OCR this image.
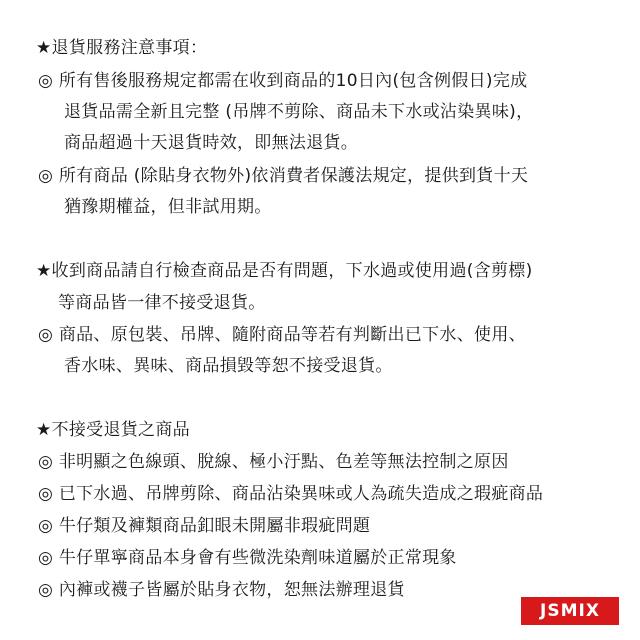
★退貨服務注意事項：
◎ 所有售後服務規定都需在收到商品的10日內(包含例假日)完成
退貨品需全新且完整 (吊牌不剪除、商品未下水或沾染異味)，
商品超過十天退貨時效，即無法退貨。
◎ 所有商品 (除貼身衣物外)依消費者保護法規定，提供到貨十天
猶豫期權益，但非試用期。
★收到商品請自行檢查商品是否有問題，下水過或使用過(含剪標)
等商品皆一律不接受退貨。
◎ 商品、原包裝、吊牌、隨附商品等若有判斷出已下水、使用、
香水味、異味、商品損毀等恕不接受退貨。
★不接受退貨之商品
◎ 非明顯之色線頭、脫線、極小汙點、色差等無法控制之原因
◎ 已下水過、吊牌剪除、商品沾染異味或人為疏失造成之瑕疵商品
◎ 牛仔類及褲類商品釦眼未開屬非瑕疵問題
◎ 牛仔單寧商品本身會有些微洗染劑味道屬於正常現象
◎ 內褲或襪子皆屬於貼身衣物，恕無法辦理退貨
JSMIX
